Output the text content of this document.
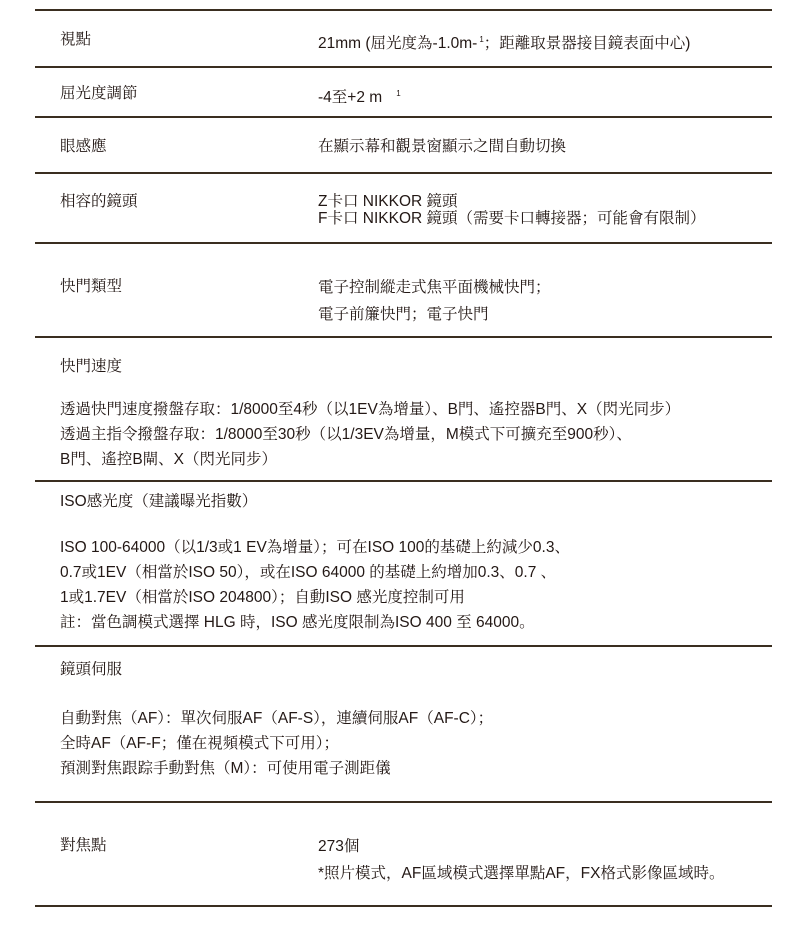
視點	21mm (屈光度為-1.0m- $^1$；距離取景器接目鏡表面中心)
屈光度調節	-4至+2 m $^1$
眼感應	在顯示幕和觀景窗顯示之間自動切換
相容的鏡頭	Z卡口 NIKKOR 鏡頭
F卡口 NIKKOR 鏡頭（需要卡口轉接器；可能會有限制）
快門類型	電子控制縱走式焦平面機械快門；
電子前簾快門；電子快門
快門速度
透過快門速度撥盤存取：1/8000至4秒（以1EV為增量）、B門、遙控器B門、X（閃光同步）
透過主指令撥盤存取：1/8000至30秒（以1/3EV為增量，M模式下可擴充至900秒）、
B門、遙控B閘、X（閃光同步）
ISO感光度（建議曝光指數）
ISO 100-64000（以1/3或1 EV為增量）；可在ISO 100的基礎上約減少0.3、
0.7或1EV（相當於ISO 50），或在ISO 64000 的基礎上約增加0.3、0.7 、
1或1.7EV（相當於ISO 204800）；自動ISO 感光度控制可用
註：當色調模式選擇 HLG 時，ISO 感光度限制為ISO 400 至 64000。
鏡頭伺服
自動對焦（AF）：單次伺服AF（AF-S），連續伺服AF（AF-C）；
全時AF（AF-F；僅在視頻模式下可用）；
預測對焦跟踪手動對焦（M）：可使用電子測距儀
對焦點	273個
*照片模式，AF區域模式選擇單點AF，FX格式影像區域時。
